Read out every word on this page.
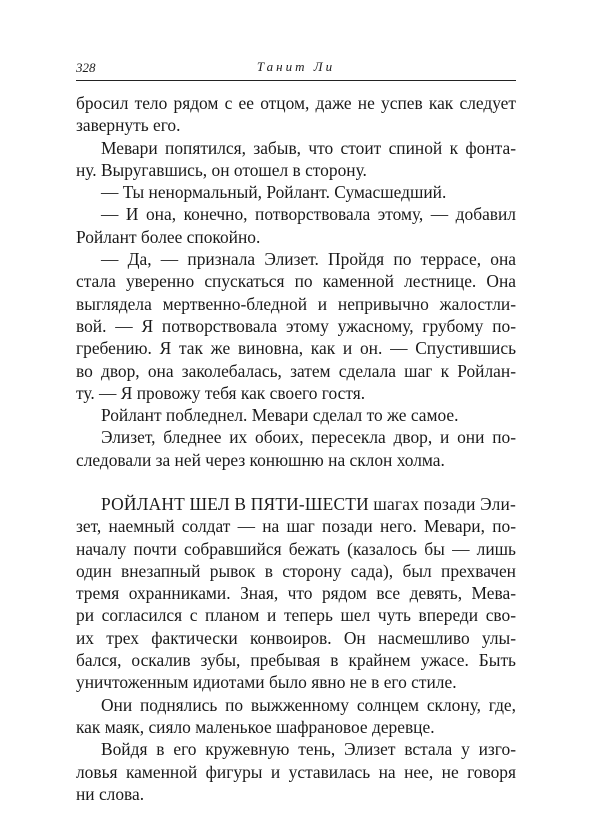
328	Танит Ли
бросил тело рядом с ее отцом, даже не успев как следует
завернуть его.
Мевари попятился, забыв, что стоит спиной к фонта-
ну. Выругавшись, он отошел в сторону.
— Ты ненормальный, Ройлант. Сумасшедший.
— И она, конечно, потворствовала этому, — добавил
Ройлант более спокойно.
— Да, — признала Элизет. Пройдя по террасе, она
стала уверенно спускаться по каменной лестнице. Она
выглядела мертвенно-бледной и непривычно жалостли-
вой. — Я потворствовала этому ужасному, грубому по-
гребению. Я так же виновна, как и он. — Спустившись
во двор, она заколебалась, затем сделала шаг к Ройлан-
ту. — Я провожу тебя как своего гостя.
Ройлант побледнел. Мевари сделал то же самое.
Элизет, бледнее их обоих, пересекла двор, и они по-
следовали за ней через конюшню на склон холма.
РОЙЛАНТ ШЕЛ В ПЯТИ-ШЕСТИ шагах позади Эли-
зет, наемный солдат — на шаг позади него. Мевари, по-
началу почти собравшийся бежать (казалось бы — лишь
один внезапный рывок в сторону сада), был прехвачен
тремя охранниками. Зная, что рядом все девять, Мева-
ри согласился с планом и теперь шел чуть впереди сво-
их трех фактически конвоиров. Он насмешливо улы-
бался, оскалив зубы, пребывая в крайнем ужасе. Быть
уничтоженным идиотами было явно не в его стиле.
Они поднялись по выжженному солнцем склону, где,
как маяк, сияло маленькое шафрановое деревце.
Войдя в его кружевную тень, Элизет встала у изго-
ловья каменной фигуры и уставилась на нее, не говоря
ни слова.
